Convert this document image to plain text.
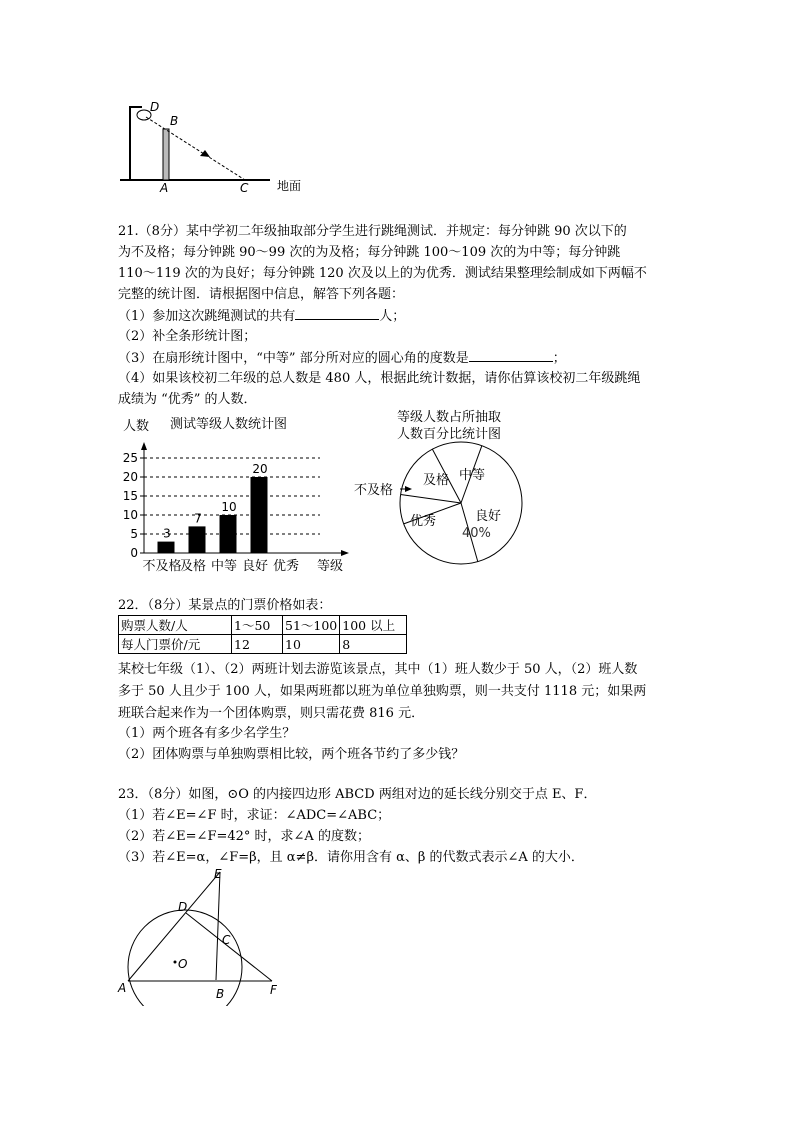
D
B
A	C 地面
21.（8分）某中学初二年级抽取部分学生进行跳绳测试．并规定：每分钟跳 90 次以下的
为不及格；每分钟跳 90～99 次的为及格；每分钟跳 100～109 次的为中等；每分钟跳
110～119 次的为良好；每分钟跳 120 次及以上的为优秀．测试结果整理绘制成如下两幅不
完整的统计图．请根据图中信息，解答下列各题：
（1）参加这次跳绳测试的共有	人；
（2）补全条形统计图；
（3）在扇形统计图中，“中等” 部分所对应的圆心角的度数是	；
（4）如果该校初二年级的总人数是 480 人，根据此统计数据，请你估算该校初二年级跳绳
成绩为 “优秀” 的人数．
测试等级人数统计图
人数
0
5
10
15
20
25
3
7
10
20
不及格
及格 中等 良好 优秀 等级
等级人数占所抽取
人数百分比统计图
不及格
及格 中等
良好
40%
优秀
22．（8分）某景点的门票价格如表：
购票人数/人	1～50	51～100	100 以上
每人门票价/元	12	10	8
某校七年级（1）、（2）两班计划去游览该景点，其中（1）班人数少于 50 人，（2）班人数
多于 50 人且少于 100 人，如果两班都以班为单位单独购票，则一共支付 1118 元；如果两
班联合起来作为一个团体购票，则只需花费 816 元．
（1）两个班各有多少名学生？
（2）团体购票与单独购票相比较，两个班各节约了多少钱？
23．（8分）如图，⊙O 的内接四边形 ABCD 两组对边的延长线分别交于点 E、F．
（1）若∠E=∠F 时，求证：∠ADC=∠ABC；
（2）若∠E=∠F=42° 时，求∠A 的度数；
（3）若∠E=α，∠F=β，且 α≠β．请你用含有 α、β 的代数式表示∠A 的大小．
E
D
C
O
A	B	F
